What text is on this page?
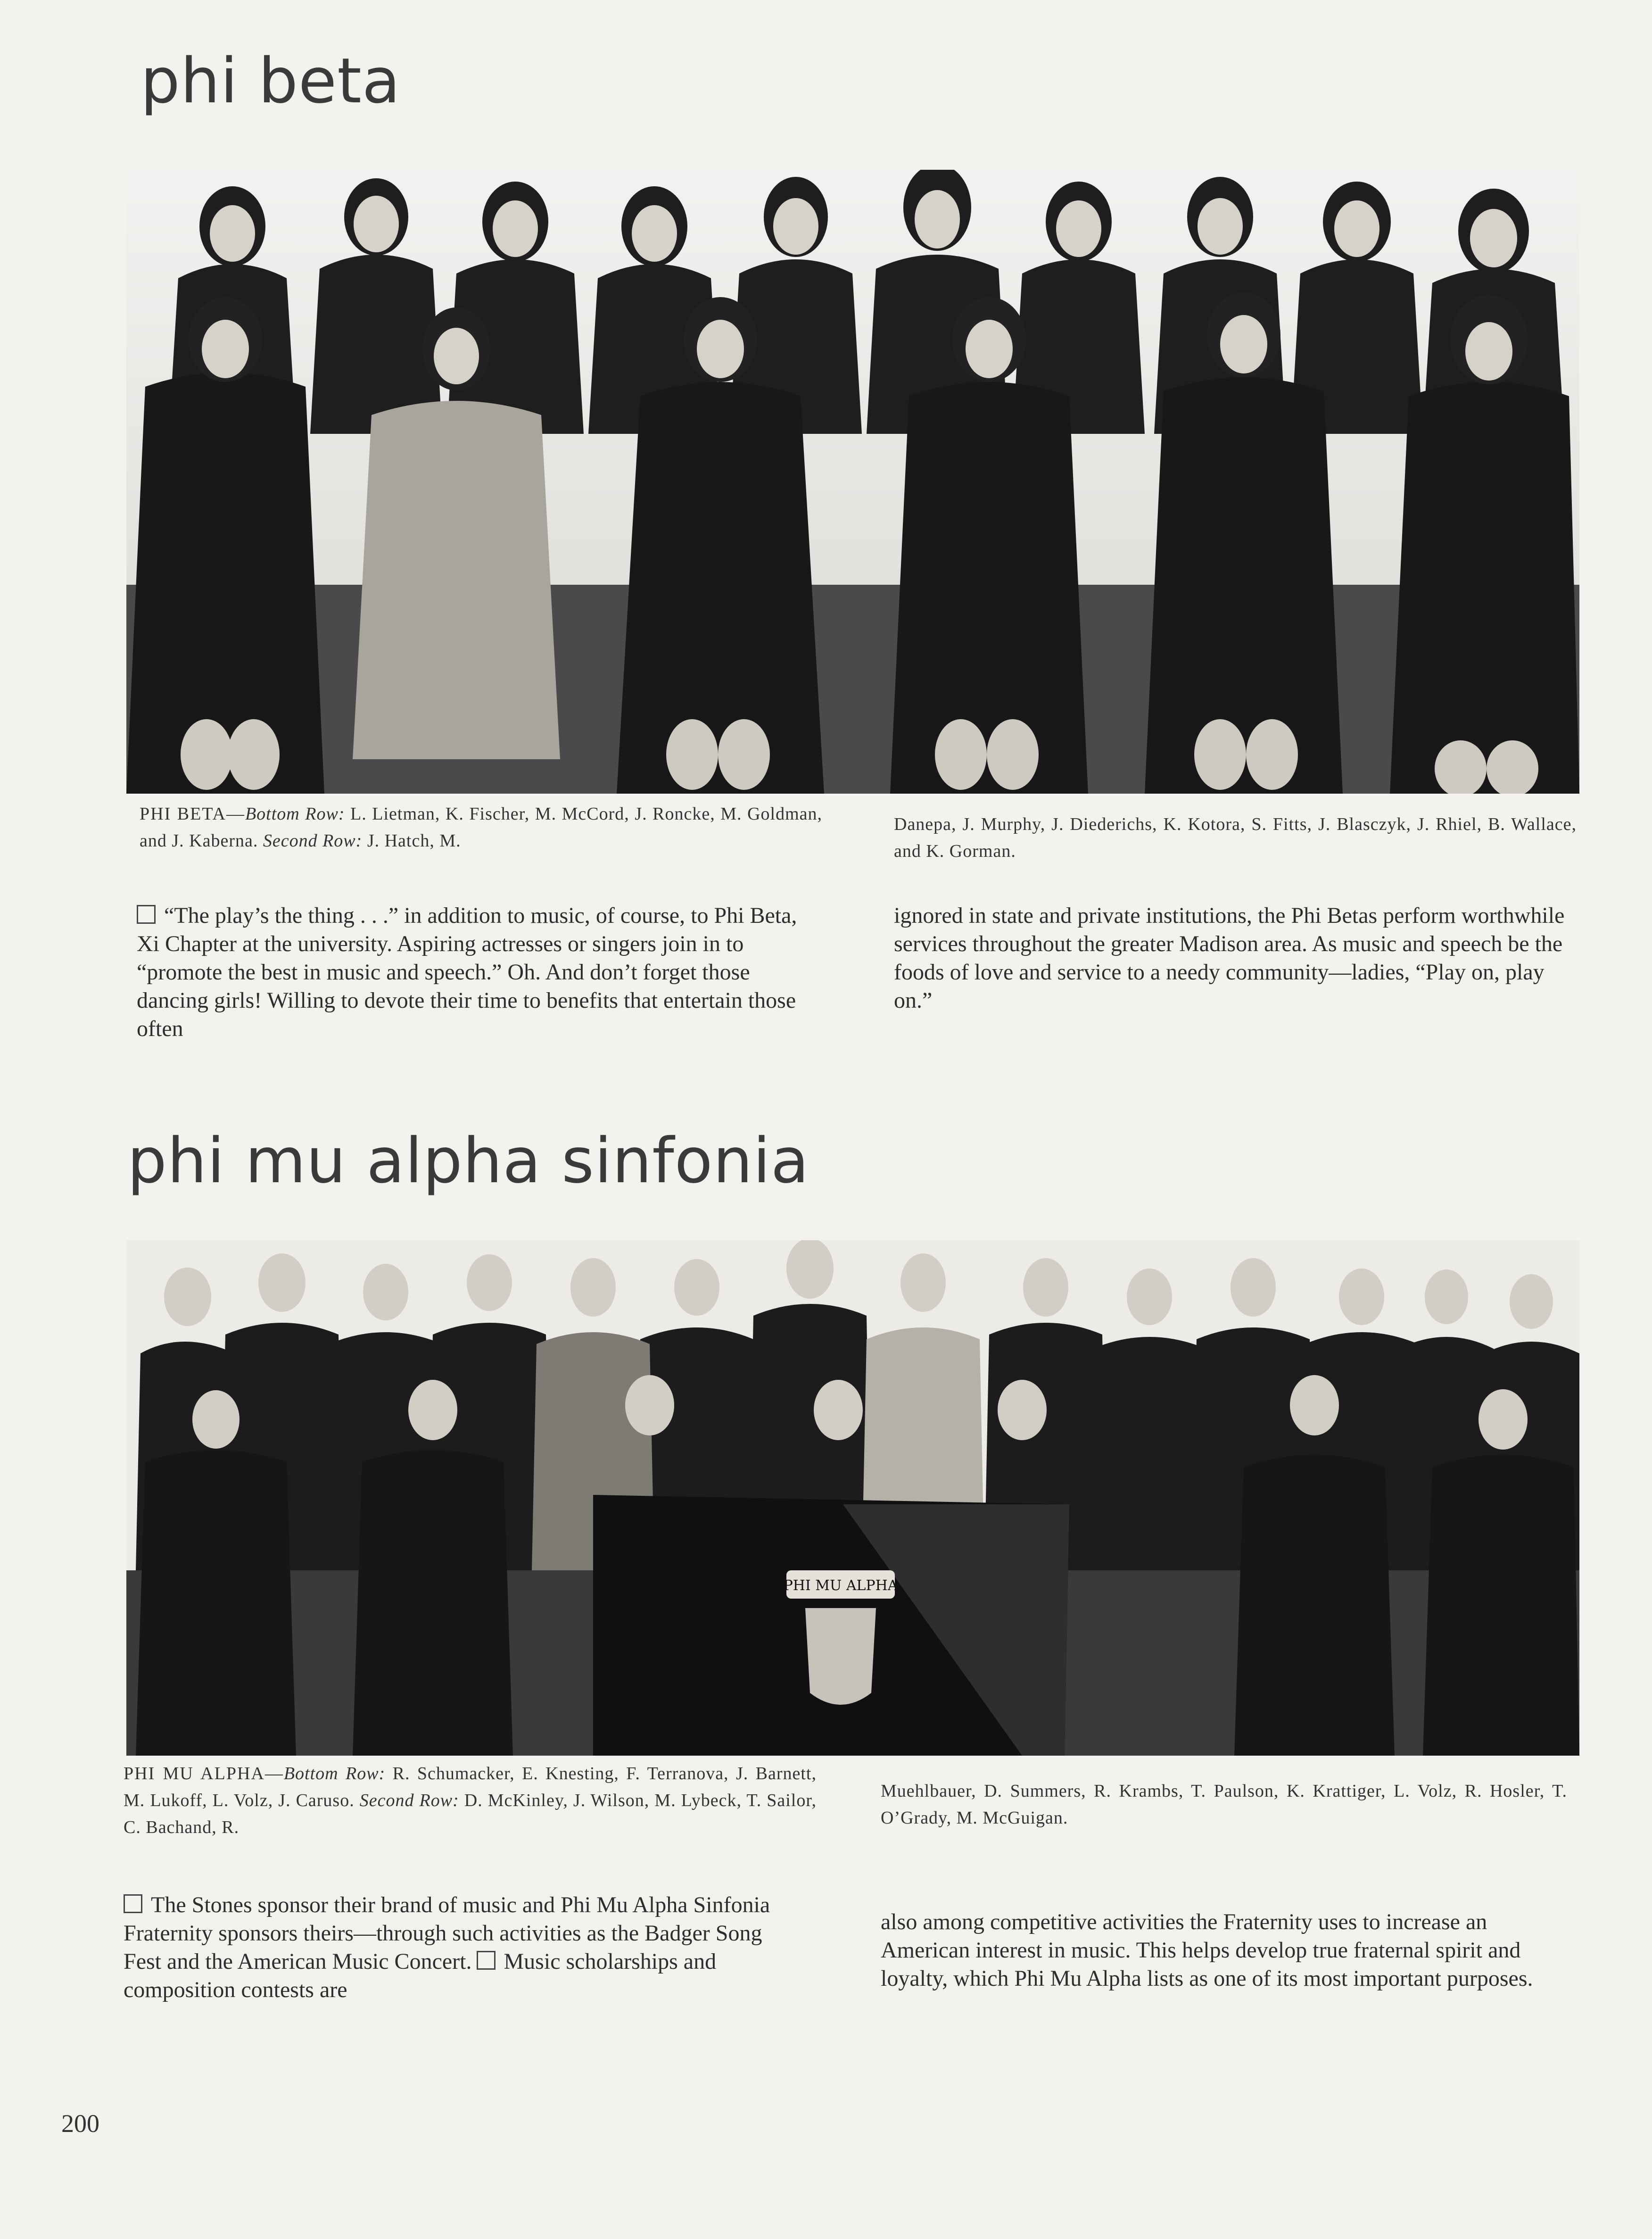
phi beta

PHI BETA—Bottom Row: L. Lietman, K. Fischer, M. McCord, J. Roncke, M. Goldman, and J. Kaberna. Second Row: J. Hatch, M.

Danepa, J. Murphy, J. Diederichs, K. Kotora, S. Fitts, J. Blasczyk, J. Rhiel, B. Wallace, and K. Gorman.

“The play’s the thing . . .” in addition to music, of course, to Phi Beta, Xi Chapter at the university. Aspiring actresses or singers join in to “promote the best in music and speech.” Oh. And don’t forget those dancing girls! Willing to devote their time to benefits that entertain those often

ignored in state and private institutions, the Phi Betas perform worthwhile services throughout the greater Madison area. As music and speech be the foods of love and service to a needy community—ladies, “Play on, play on.”

phi mu alpha sinfonia
PHI MU ALPHA

PHI MU ALPHA—Bottom Row: R. Schumacker, E. Knesting, F. Terranova, J. Barnett, M. Lukoff, L. Volz, J. Caruso. Second Row: D. McKinley, J. Wilson, M. Lybeck, T. Sailor, C. Bachand, R.

Muehlbauer, D. Summers, R. Krambs, T. Paulson, K. Krattiger, L. Volz, R. Hosler, T. O’Grady, M. McGuigan.

The Stones sponsor their brand of music and Phi Mu Alpha Sinfonia Fraternity sponsors theirs—through such activities as the Badger Song Fest and the American Music Concert. Music scholarships and composition contests are

also among competitive activities the Fraternity uses to increase an American interest in music. This helps develop true fraternal spirit and loyalty, which Phi Mu Alpha lists as one of its most important purposes.

200
